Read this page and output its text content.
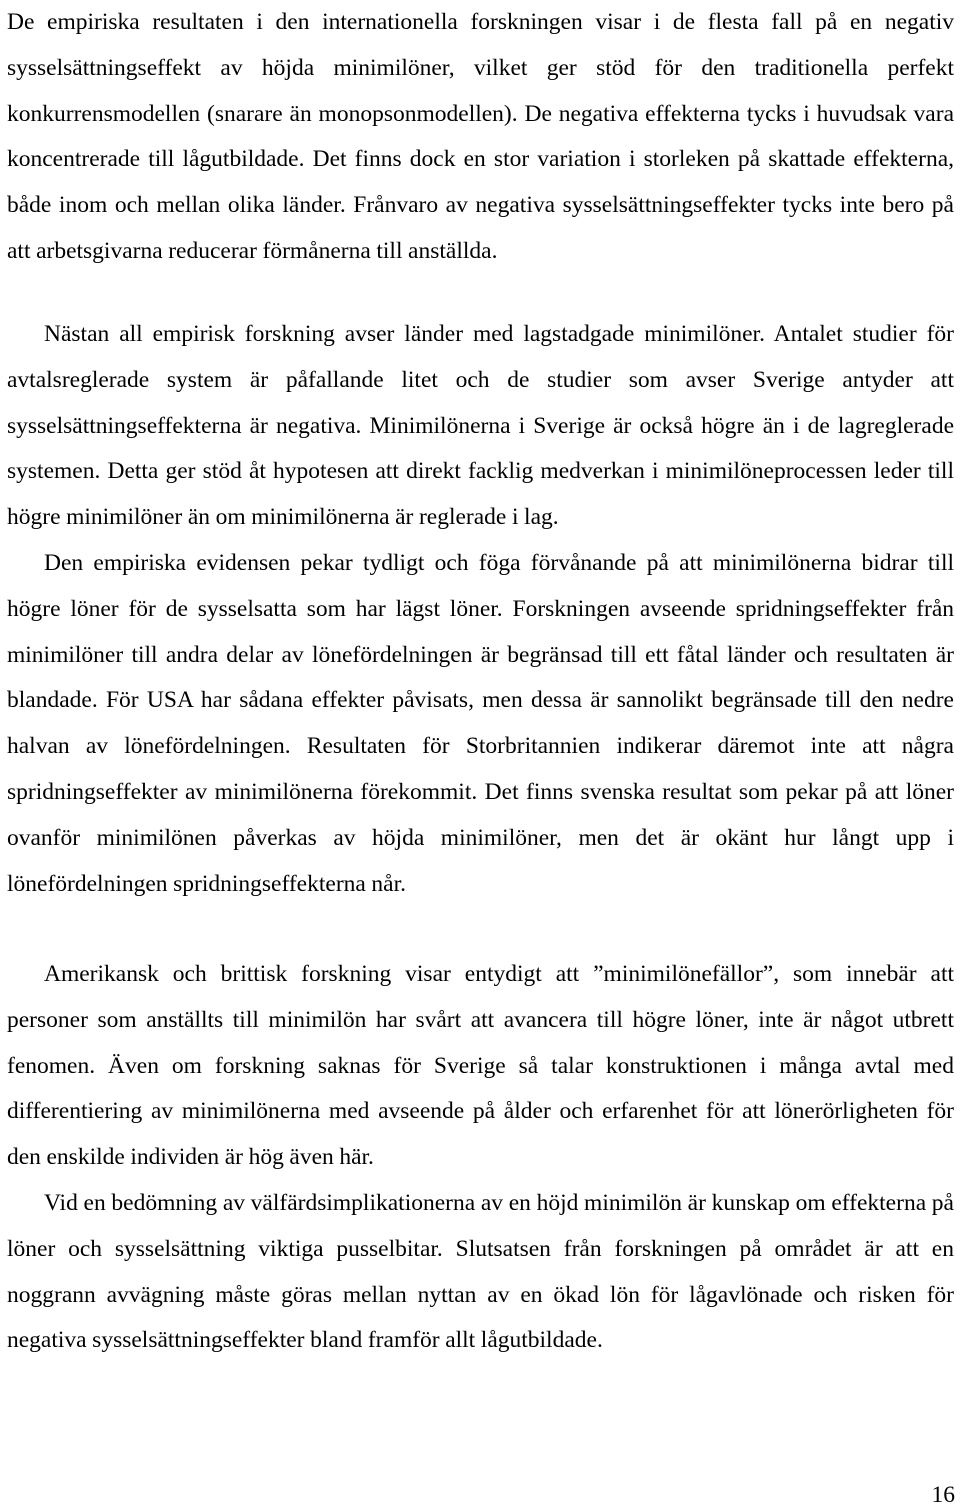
De empiriska resultaten i den internationella forskningen visar i de flesta fall på en negativ sysselsättningseffekt av höjda minimilöner, vilket ger stöd för den traditionella perfekt konkurrensmodellen (snarare än monopsonmodellen). De negativa effekterna tycks i huvudsak vara koncentrerade till lågutbildade. Det finns dock en stor variation i storleken på skattade effekterna, både inom och mellan olika länder. Frånvaro av negativa sysselsättningseffekter tycks inte bero på att arbetsgivarna reducerar förmånerna till anställda.

Nästan all empirisk forskning avser länder med lagstadgade minimilöner. Antalet studier för avtalsreglerade system är påfallande litet och de studier som avser Sverige antyder att sysselsättningseffekterna är negativa. Minimilönerna i Sverige är också högre än i de lagreglerade systemen. Detta ger stöd åt hypotesen att direkt facklig medverkan i minimilöneprocessen leder till högre minimilöner än om minimilönerna är reglerade i lag.

Den empiriska evidensen pekar tydligt och föga förvånande på att minimilönerna bidrar till högre löner för de sysselsatta som har lägst löner. Forskningen avseende spridningseffekter från minimilöner till andra delar av lönefördelningen är begränsad till ett fåtal länder och resultaten är blandade. För USA har sådana effekter påvisats, men dessa är sannolikt begränsade till den nedre halvan av lönefördelningen. Resultaten för Storbritannien indikerar däremot inte att några spridningseffekter av minimilönerna förekommit. Det finns svenska resultat som pekar på att löner ovanför minimilönen påverkas av höjda minimilöner, men det är okänt hur långt upp i lönefördelningen spridningseffekterna når.

Amerikansk och brittisk forskning visar entydigt att ”minimilönefällor”, som innebär att personer som anställts till minimilön har svårt att avancera till högre löner, inte är något utbrett fenomen. Även om forskning saknas för Sverige så talar konstruktionen i många avtal med differentiering av minimilönerna med avseende på ålder och erfarenhet för att lönerörligheten för den enskilde individen är hög även här.

Vid en bedömning av välfärdsimplikationerna av en höjd minimilön är kunskap om effekterna på löner och sysselsättning viktiga pusselbitar. Slutsatsen från forskningen på området är att en noggrann avvägning måste göras mellan nyttan av en ökad lön för lågavlönade och risken för negativa sysselsättningseffekter bland framför allt lågutbildade.

16
